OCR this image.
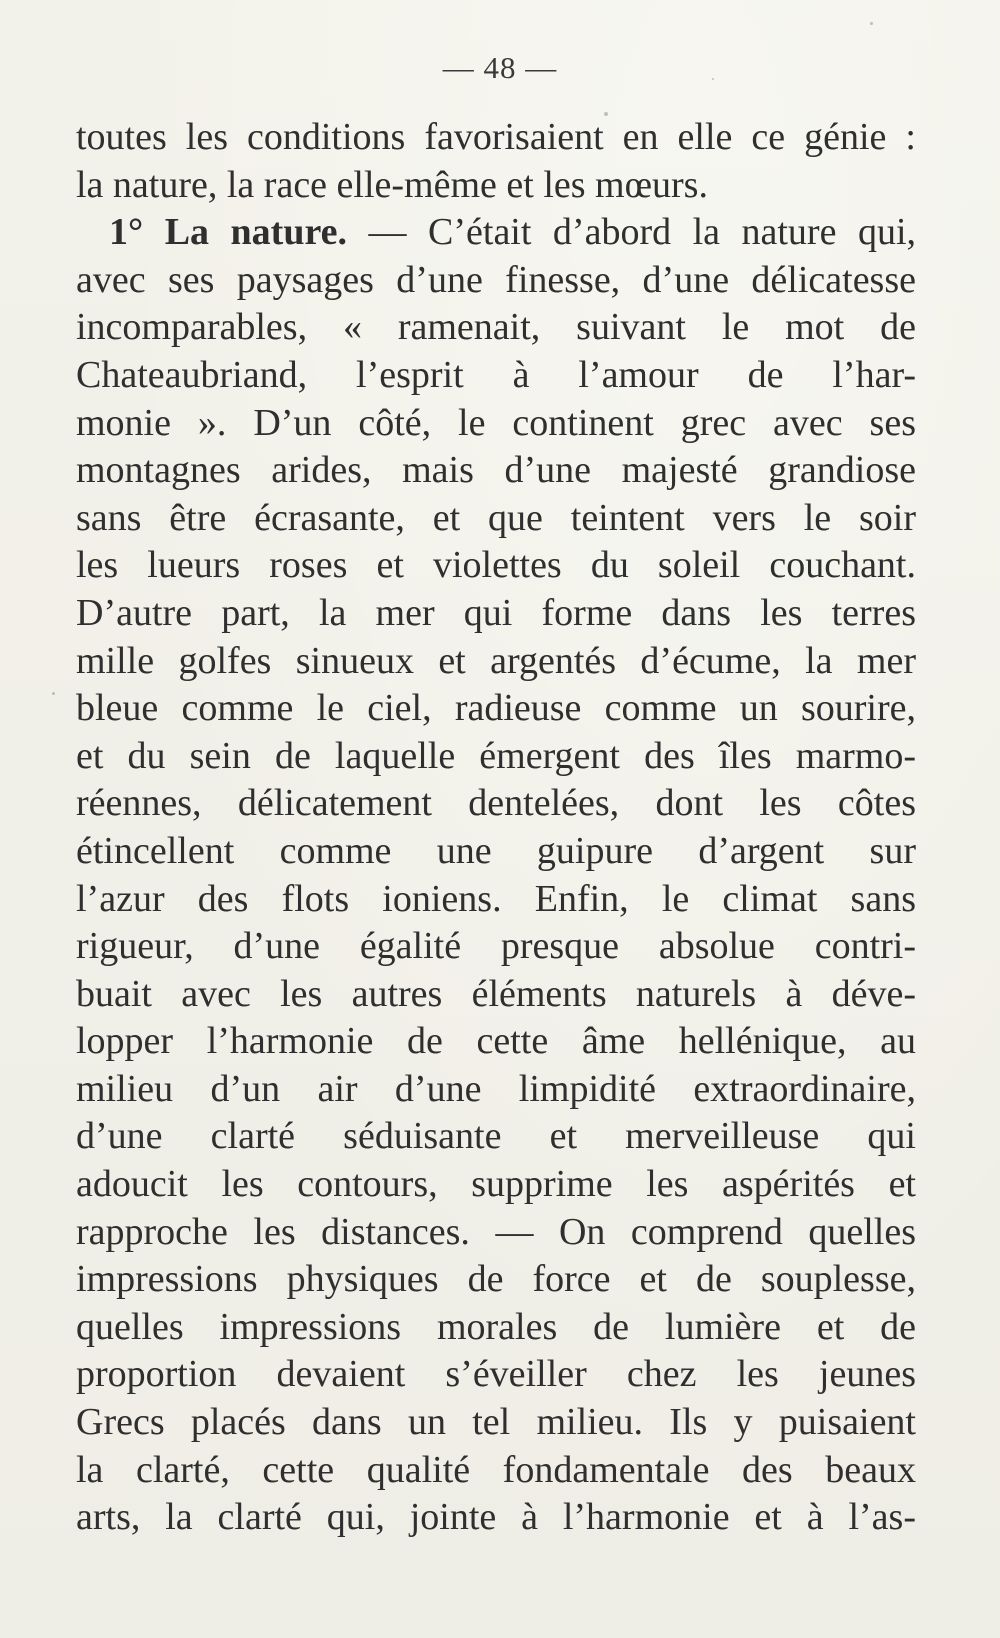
— 48 —
toutes les conditions favorisaient en elle ce génie :
la nature, la race elle-même et les mœurs.
1° La nature. — C’était d’abord la nature qui,
avec ses paysages d’une finesse, d’une délicatesse
incomparables, « ramenait, suivant le mot de
Chateaubriand, l’esprit à l’amour de l’har-
monie ». D’un côté, le continent grec avec ses
montagnes arides, mais d’une majesté grandiose
sans être écrasante, et que teintent vers le soir
les lueurs roses et violettes du soleil couchant.
D’autre part, la mer qui forme dans les terres
mille golfes sinueux et argentés d’écume, la mer
bleue comme le ciel, radieuse comme un sourire,
et du sein de laquelle émergent des îles marmo-
réennes, délicatement dentelées, dont les côtes
étincellent comme une guipure d’argent sur
l’azur des flots ioniens. Enfin, le climat sans
rigueur, d’une égalité presque absolue contri-
buait avec les autres éléments naturels à déve-
lopper l’harmonie de cette âme hellénique, au
milieu d’un air d’une limpidité extraordinaire,
d’une clarté séduisante et merveilleuse qui
adoucit les contours, supprime les aspérités et
rapproche les distances. — On comprend quelles
impressions physiques de force et de souplesse,
quelles impressions morales de lumière et de
proportion devaient s’éveiller chez les jeunes
Grecs placés dans un tel milieu. Ils y puisaient
la clarté, cette qualité fondamentale des beaux
arts, la clarté qui, jointe à l’harmonie et à l’as-
